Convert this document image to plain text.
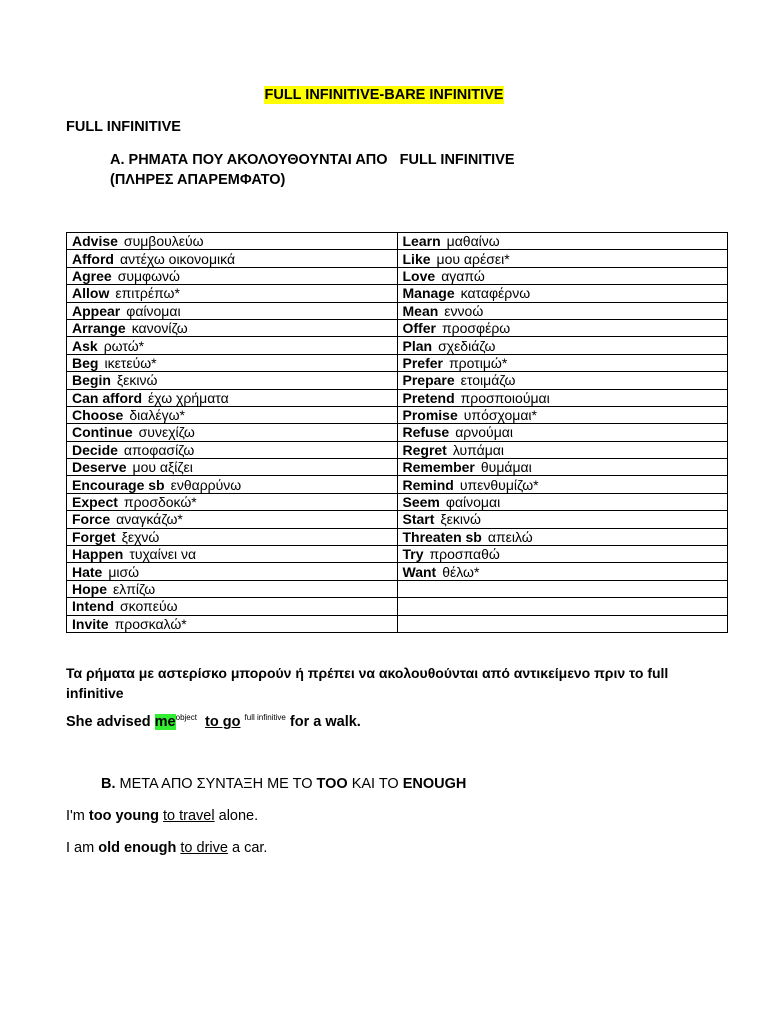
FULL INFINITIVE-BARE INFINITIVE
FULL INFINITIVE
Α. ΡΗΜΑΤΑ ΠΟΥ ΑΚΟΛΟΥΘΟΥΝΤΑΙ ΑΠΟ   FULL INFINITIVE
(ΠΛΗΡΕΣ ΑΠΑΡΕΜΦΑΤΟ)
Advise συμβουλεύω	Learn μαθαίνω
Afford αντέχω οικονομικά	Like μου αρέσει*
Agree συμφωνώ	Love αγαπώ
Allow επιτρέπω*	Manage καταφέρνω
Appear φαίνομαι	Mean εννοώ
Arrange κανονίζω	Offer προσφέρω
Ask ρωτώ*	Plan σχεδιάζω
Beg ικετεύω*	Prefer προτιμώ*
Begin ξεκινώ	Prepare ετοιμάζω
Can afford έχω χρήματα	Pretend προσποιούμαι
Choose διαλέγω*	Promise υπόσχομαι*
Continue συνεχίζω	Refuse αρνούμαι
Decide αποφασίζω	Regret λυπάμαι
Deserve μου αξίζει	Remember θυμάμαι
Encourage sb ενθαρρύνω	Remind υπενθυμίζω*
Expect προσδοκώ*	Seem φαίνομαι
Force αναγκάζω*	Start ξεκινώ
Forget ξεχνώ	Threaten sb απειλώ
Happen τυχαίνει να	Try προσπαθώ
Hate μισώ	Want θέλω*
Hope ελπίζω	
Intend σκοπεύω	
Invite προσκαλώ*	
Τα ρήματα με αστερίσκο μπορούν ή πρέπει να ακολουθούνται από αντικείμενο πριν το full infinitive
She advised $me^{object}$ to go $^{full infinitive}$ for a walk.
B. ΜΕΤΑ ΑΠΟ ΣΥΝΤΑΞΗ ΜΕ ΤΟ TOO ΚΑΙ ΤΟ ENOUGH
I'm too young to travel alone.
I am old enough to drive a car.
